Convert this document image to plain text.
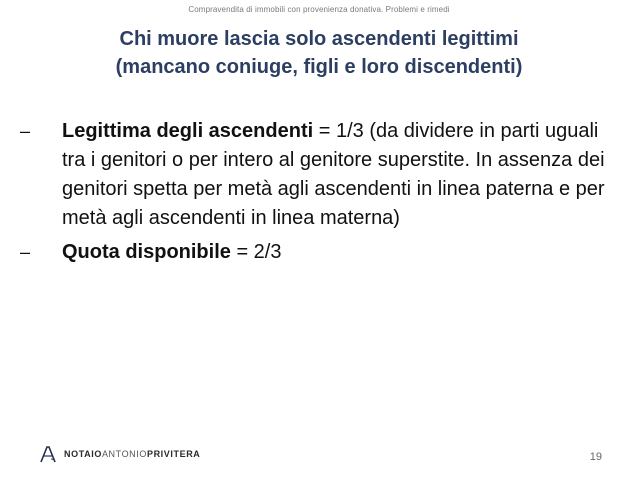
Compravendita di immobili con provenienza donativa. Problemi e rimedi
Chi muore lascia solo ascendenti legittimi
(mancano coniuge, figli e loro discendenti)
–	Legittima degli ascendenti = 1/3 (da dividere in parti uguali tra i genitori o per intero al genitore superstite. In assenza dei genitori spetta per metà agli ascendenti in linea paterna e per metà agli ascendenti in linea materna)
–	Quota disponibile = 2/3
NOTAIOANTONIOPRIVITERA	19
